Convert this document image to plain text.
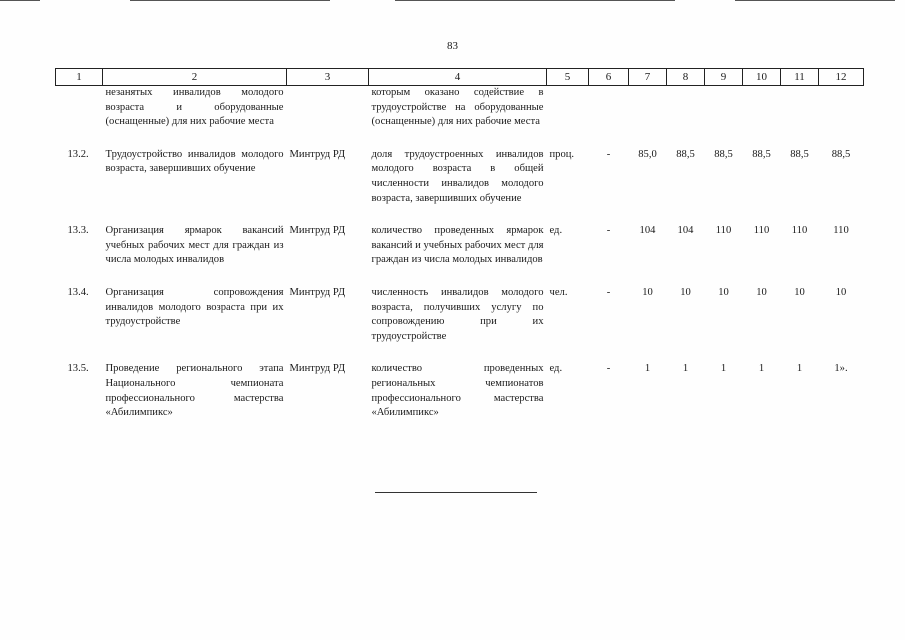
83
1	2	3	4	5	6	7	8	9	10	11	12
	незанятых инвалидов молодого возраста и оборудованные (оснащенные) для них рабочие места		которым оказано содействие в трудоустройстве на оборудованные (оснащенные) для них рабочие места								

13.2.	Трудоустройство инвалидов молодого возраста, завершивших обучение	Минтруд РД	доля трудоустроенных инвалидов молодого возраста в общей численности инвалидов молодого возраста, завершивших обучение	проц.	-	85,0	88,5	88,5	88,5	88,5	88,5

13.3.	Организация ярмарок вакансий учебных рабочих мест для граждан из числа молодых инвалидов	Минтруд РД	количество проведенных ярмарок вакансий и учебных рабочих мест для граждан из числа молодых инвалидов	ед.	-	104	104	110	110	110	110

13.4.	Организация сопровождения инвалидов молодого возраста при их трудоустройстве	Минтруд РД	численность инвалидов молодого возраста, получивших услугу по сопровождению при их трудоустройстве	чел.	-	10	10	10	10	10	10

13.5.	Проведение регионального этапа Национального чемпионата профессионального мастерства «Абилимпикс»	Минтруд РД	количество проведенных региональных чемпионатов профессионального мастерства «Абилимпикс»	ед.	-	1	1	1	1	1	1».
